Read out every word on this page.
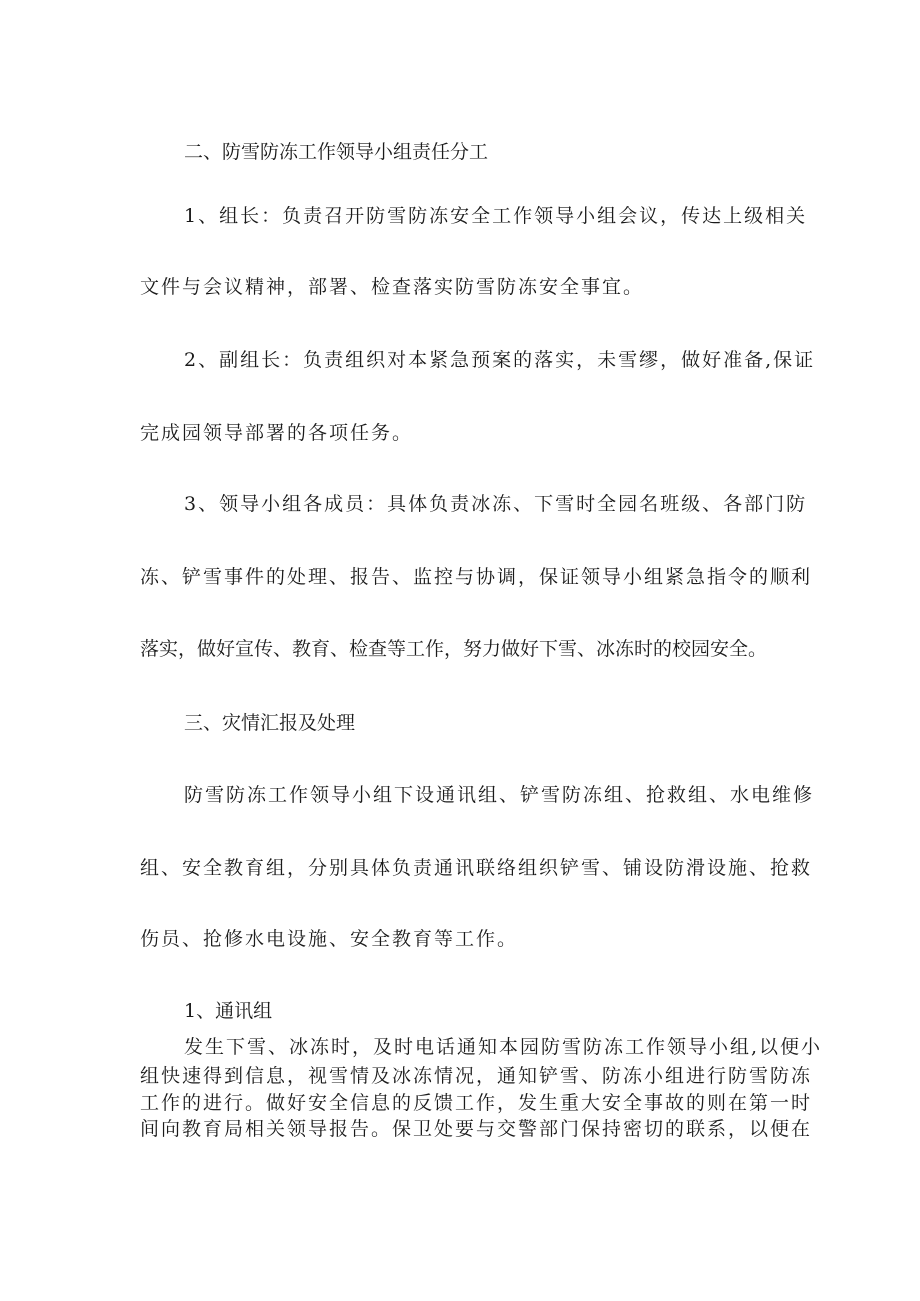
二、防雪防冻工作领导小组责任分工

1、组长：负责召开防雪防冻安全工作领导小组会议，传达上级相关

文件与会议精神，部署、检查落实防雪防冻安全事宜。

2、副组长：负责组织对本紧急预案的落实，未雪缪，做好准备,保证

完成园领导部署的各项任务。

3、领导小组各成员：具体负责冰冻、下雪时全园名班级、各部门防

冻、铲雪事件的处理、报告、监控与协调，保证领导小组紧急指令的顺利

落实，做好宣传、教育、检查等工作，努力做好下雪、冰冻时的校园安全。

三、灾情汇报及处理

防雪防冻工作领导小组下设通讯组、铲雪防冻组、抢救组、水电维修

组、安全教育组，分别具体负责通讯联络组织铲雪、铺设防滑设施、抢救

伤员、抢修水电设施、安全教育等工作。

1、通讯组

发生下雪、冰冻时，及时电话通知本园防雪防冻工作领导小组,以便小

组快速得到信息，视雪情及冰冻情况，通知铲雪、防冻小组进行防雪防冻

工作的进行。做好安全信息的反馈工作，发生重大安全事故的则在第一时

间向教育局相关领导报告。保卫处要与交警部门保持密切的联系，以便在
